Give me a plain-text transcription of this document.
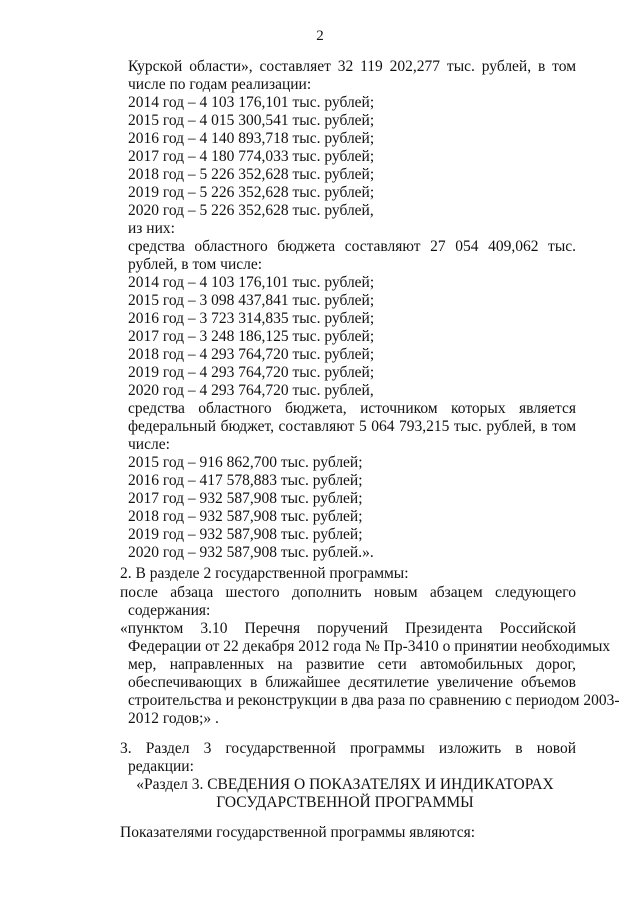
2
Курской области», составляет 32 119 202,277 тыс. рублей, в том
числе по годам реализации:
2014 год – 4 103 176,101 тыс. рублей;
2015 год – 4 015 300,541 тыс. рублей;
2016 год – 4 140 893,718 тыс. рублей;
2017 год – 4 180 774,033 тыс. рублей;
2018 год – 5 226 352,628 тыс. рублей;
2019 год – 5 226 352,628 тыс. рублей;
2020 год – 5 226 352,628 тыс. рублей,
из них:
средства областного бюджета составляют 27 054 409,062 тыс.
рублей, в том числе:
2014 год – 4 103 176,101 тыс. рублей;
2015 год – 3 098 437,841 тыс. рублей;
2016 год – 3 723 314,835 тыс. рублей;
2017 год – 3 248 186,125 тыс. рублей;
2018 год – 4 293 764,720 тыс. рублей;
2019 год – 4 293 764,720 тыс. рублей;
2020 год – 4 293 764,720 тыс. рублей,
средства областного бюджета, источником которых является
федеральный бюджет, составляют 5 064 793,215 тыс. рублей, в том
числе:
2015 год – 916 862,700 тыс. рублей;
2016 год – 417 578,883 тыс. рублей;
2017 год – 932 587,908 тыс. рублей;
2018 год – 932 587,908 тыс. рублей;
2019 год – 932 587,908 тыс. рублей;
2020 год – 932 587,908 тыс. рублей.».
2. В разделе 2 государственной программы:
после абзаца шестого дополнить новым абзацем следующего
содержания:
«пунктом 3.10 Перечня поручений Президента Российской
Федерации от 22 декабря 2012 года № Пр-3410 о принятии необходимых
мер, направленных на развитие сети автомобильных дорог,
обеспечивающих в ближайшее десятилетие увеличение объемов
строительства и реконструкции в два раза по сравнению с периодом 2003-
2012 годов;» .
3. Раздел 3 государственной программы изложить в новой
редакции:
«Раздел 3. СВЕДЕНИЯ О ПОКАЗАТЕЛЯХ И ИНДИКАТОРАХ
ГОСУДАРСТВЕННОЙ ПРОГРАММЫ
Показателями государственной программы являются:
